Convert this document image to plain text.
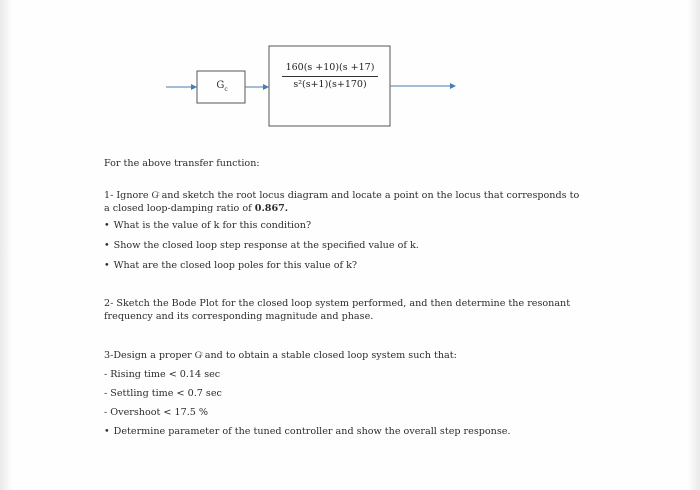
$G_c$
160(s +10)(s +17)
s²(s+1)(s+170)
For the above transfer function:
1- Ignore Gͨ and sketch the root locus diagram and locate a point on the locus that corresponds to
a closed loop-damping ratio of 0.867.
• What is the value of k for this condition?
• Show the closed loop step response at the specified value of k.
• What are the closed loop poles for this value of k?
2- Sketch the Bode Plot for the closed loop system performed, and then determine the resonant
frequency and its corresponding magnitude and phase.
3-Design a proper Gͨ and to obtain a stable closed loop system such that:
- Rising time < 0.14 sec
- Settling time < 0.7 sec
- Overshoot < 17.5 %
• Determine parameter of the tuned controller and show the overall step response.
